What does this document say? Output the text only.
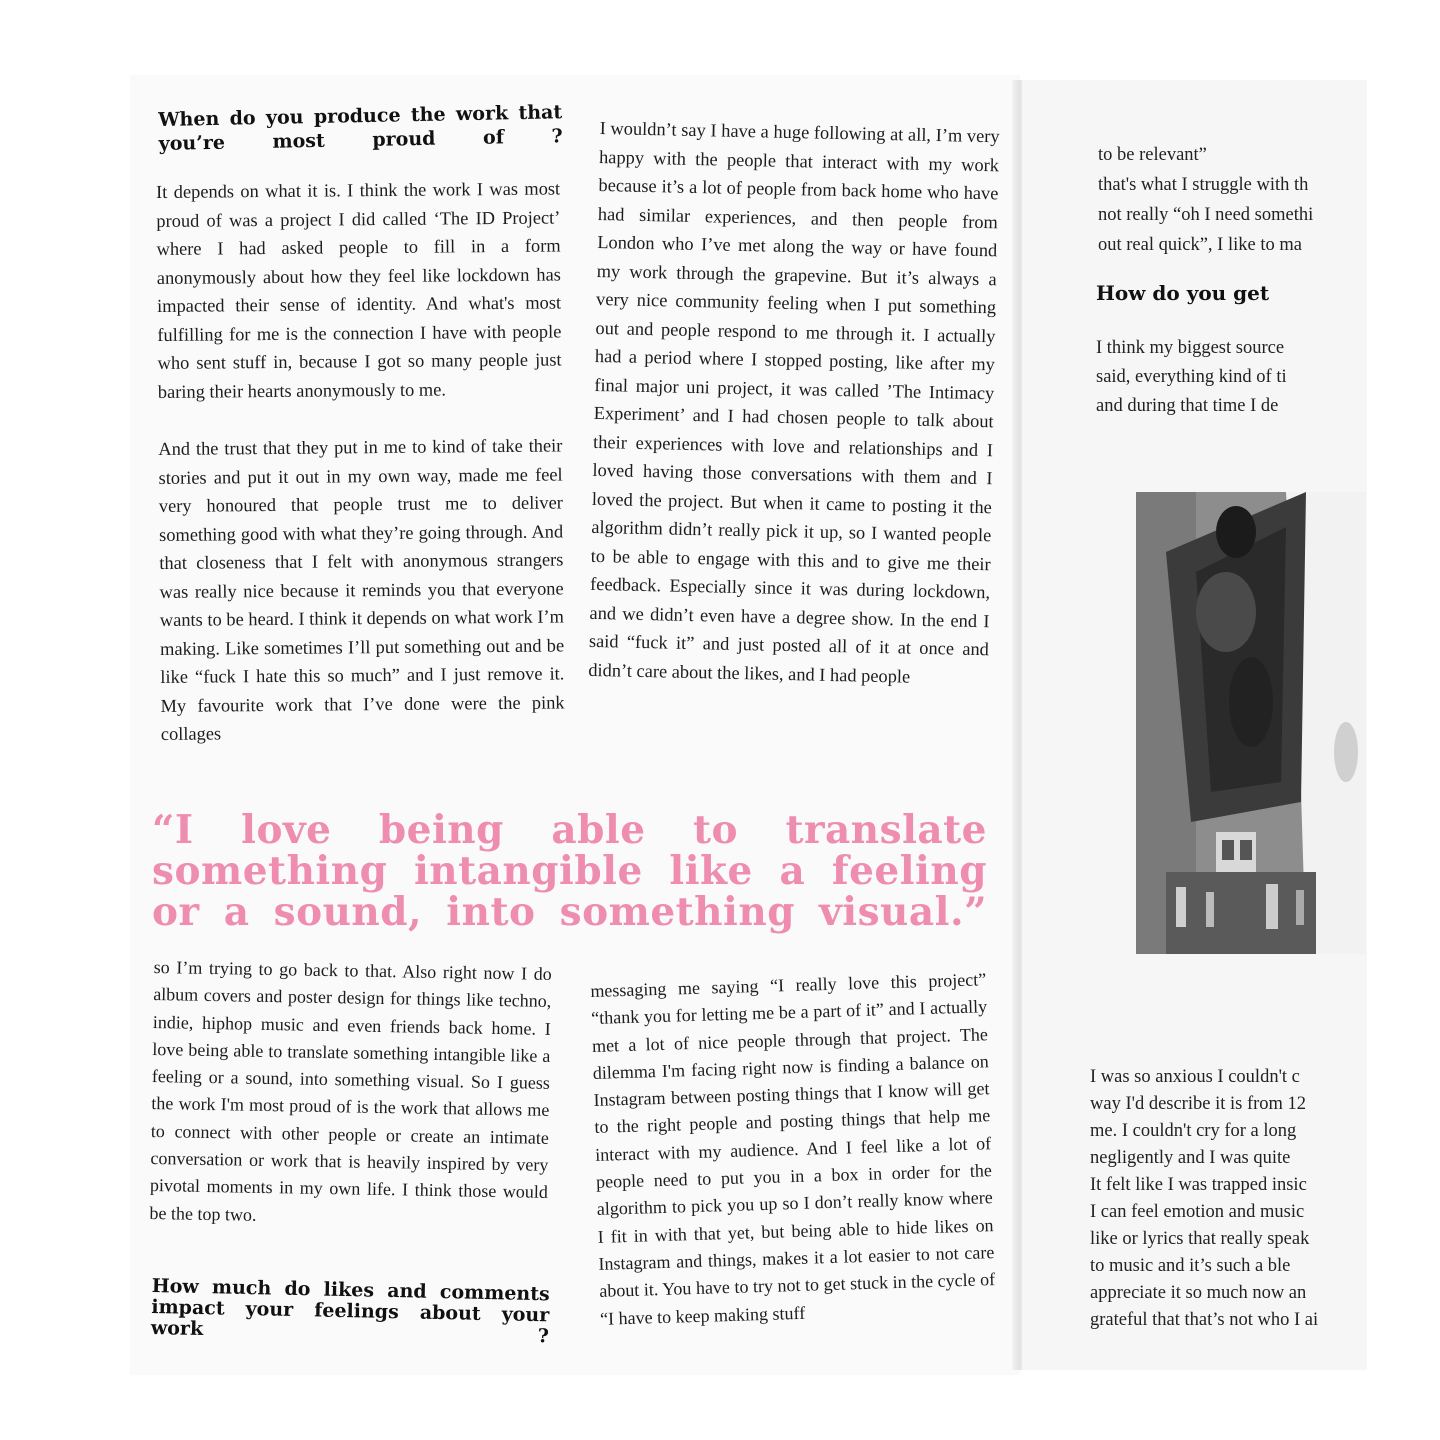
When do you produce the work that you’re most proud of ?

It depends on what it is. I think the work I was most proud of was a project I did called ‘The ID Project’ where I had asked people to fill in a form anonymously about how they feel like lockdown has impacted their sense of identity. And what's most fulfilling for me is the connection I have with people who sent stuff in, because I got so many people just baring their hearts anonymously to me.

And the trust that they put in me to kind of take their stories and put it out in my own way, made me feel very honoured that people trust me to deliver something good with what they’re going through. And that closeness that I felt with anonymous strangers was really nice because it reminds you that everyone wants to be heard. I think it depends on what work I’m making. Like sometimes I’ll put something out and be like “fuck I hate this so much” and I just remove it. My favourite work that I’ve done were the pink collages

I wouldn’t say I have a huge following at all, I’m very happy with the people that interact with my work because it’s a lot of people from back home who have had similar experiences, and then people from London who I’ve met along the way or have found my work through the grapevine. But it’s always a very nice community feeling when I put something out and people respond to me through it. I actually had a period where I stopped posting, like after my final major uni project, it was called ’The Intimacy Experiment’ and I had chosen people to talk about their experiences with love and relationships and I loved having those conversations with them and I loved the project. But when it came to posting it the algorithm didn’t really pick it up, so I wanted people to be able to engage with this and to give me their feedback. Especially since it was during lockdown, and we didn’t even have a degree show. In the end I said “fuck it” and just posted all of it at once and didn’t care about the likes, and I had people

“I love being able to translate something intangible like a feeling or a sound, into something visual.”

so I’m trying to go back to that. Also right now I do album covers and poster design for things like techno, indie, hiphop music and even friends back home. I love being able to translate something intangible like a feeling or a sound, into something visual. So I guess the work I'm most proud of is the work that allows me to connect with other people or create an intimate conversation or work that is heavily inspired by very pivotal moments in my own life. I think those would be the top two.

How much do likes and comments impact your feelings about your work ?

messaging me saying “I really love this project” “thank you for letting me be a part of it” and I actually met a lot of nice people through that project. The dilemma I'm facing right now is finding a balance on Instagram between posting things that I know will get to the right people and posting things that help me interact with my audience. And I feel like a lot of people need to put you in a box in order for the algorithm to pick you up so I don’t really know where I fit in with that yet, but being able to hide likes on Instagram and things, makes it a lot easier to not care about it. You have to try not to get stuck in the cycle of “I have to keep making stuff

to be relevant”
that's what I struggle with th
not really “oh I need somethi
out real quick”, I like to ma
How do you get
I think my biggest source
said, everything kind of ti
and during that time I de
I was so anxious I couldn't c
way I'd describe it is from 12
me. I couldn't cry for a long
negligently and I was quite
It felt like I was trapped insic
I can feel emotion and music
like or lyrics that really speak
to music and it’s such a ble
appreciate it so much now an
grateful that that’s not who I ai
